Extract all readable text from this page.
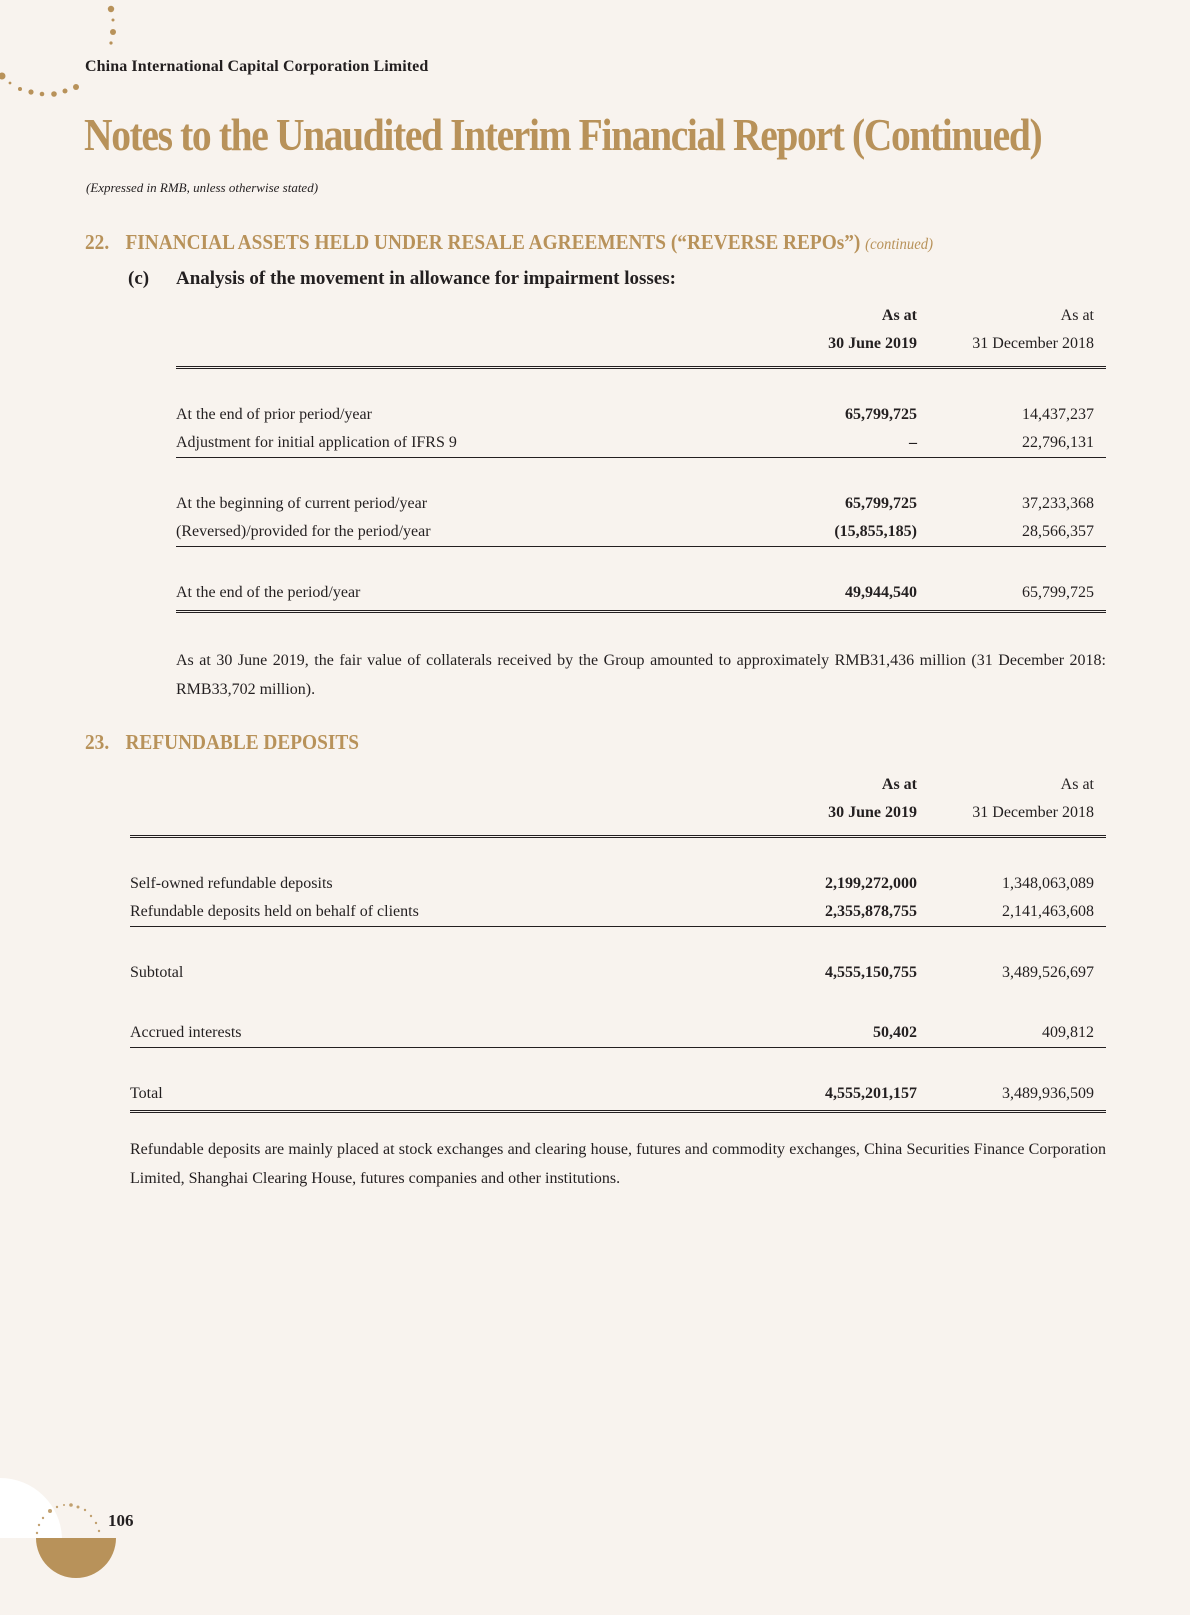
China International Capital Corporation Limited
Notes to the Unaudited Interim Financial Report (Continued)
(Expressed in RMB, unless otherwise stated)
22. FINANCIAL ASSETS HELD UNDER RESALE AGREEMENTS (“REVERSE REPOs”) (continued)
(c) Analysis of the movement in allowance for impairment losses:
	As at	As at
	30 June 2019	31 December 2018

At the end of prior period/year	65,799,725	14,437,237
Adjustment for initial application of IFRS 9	–	22,796,131

At the beginning of current period/year	65,799,725	37,233,368
(Reversed)/provided for the period/year	(15,855,185)	28,566,357

At the end of the period/year	49,944,540	65,799,725

As at 30 June 2019, the fair value of collaterals received by the Group amounted to approximately RMB31,436 million (31 December 2018: RMB33,702 million).
23. REFUNDABLE DEPOSITS
	As at	As at
	30 June 2019	31 December 2018

Self-owned refundable deposits	2,199,272,000	1,348,063,089
Refundable deposits held on behalf of clients	2,355,878,755	2,141,463,608

Subtotal	4,555,150,755	3,489,526,697

Accrued interests	50,402	409,812

Total	4,555,201,157	3,489,936,509

Refundable deposits are mainly placed at stock exchanges and clearing house, futures and commodity exchanges, China Securities Finance Corporation Limited, Shanghai Clearing House, futures companies and other institutions.
106
